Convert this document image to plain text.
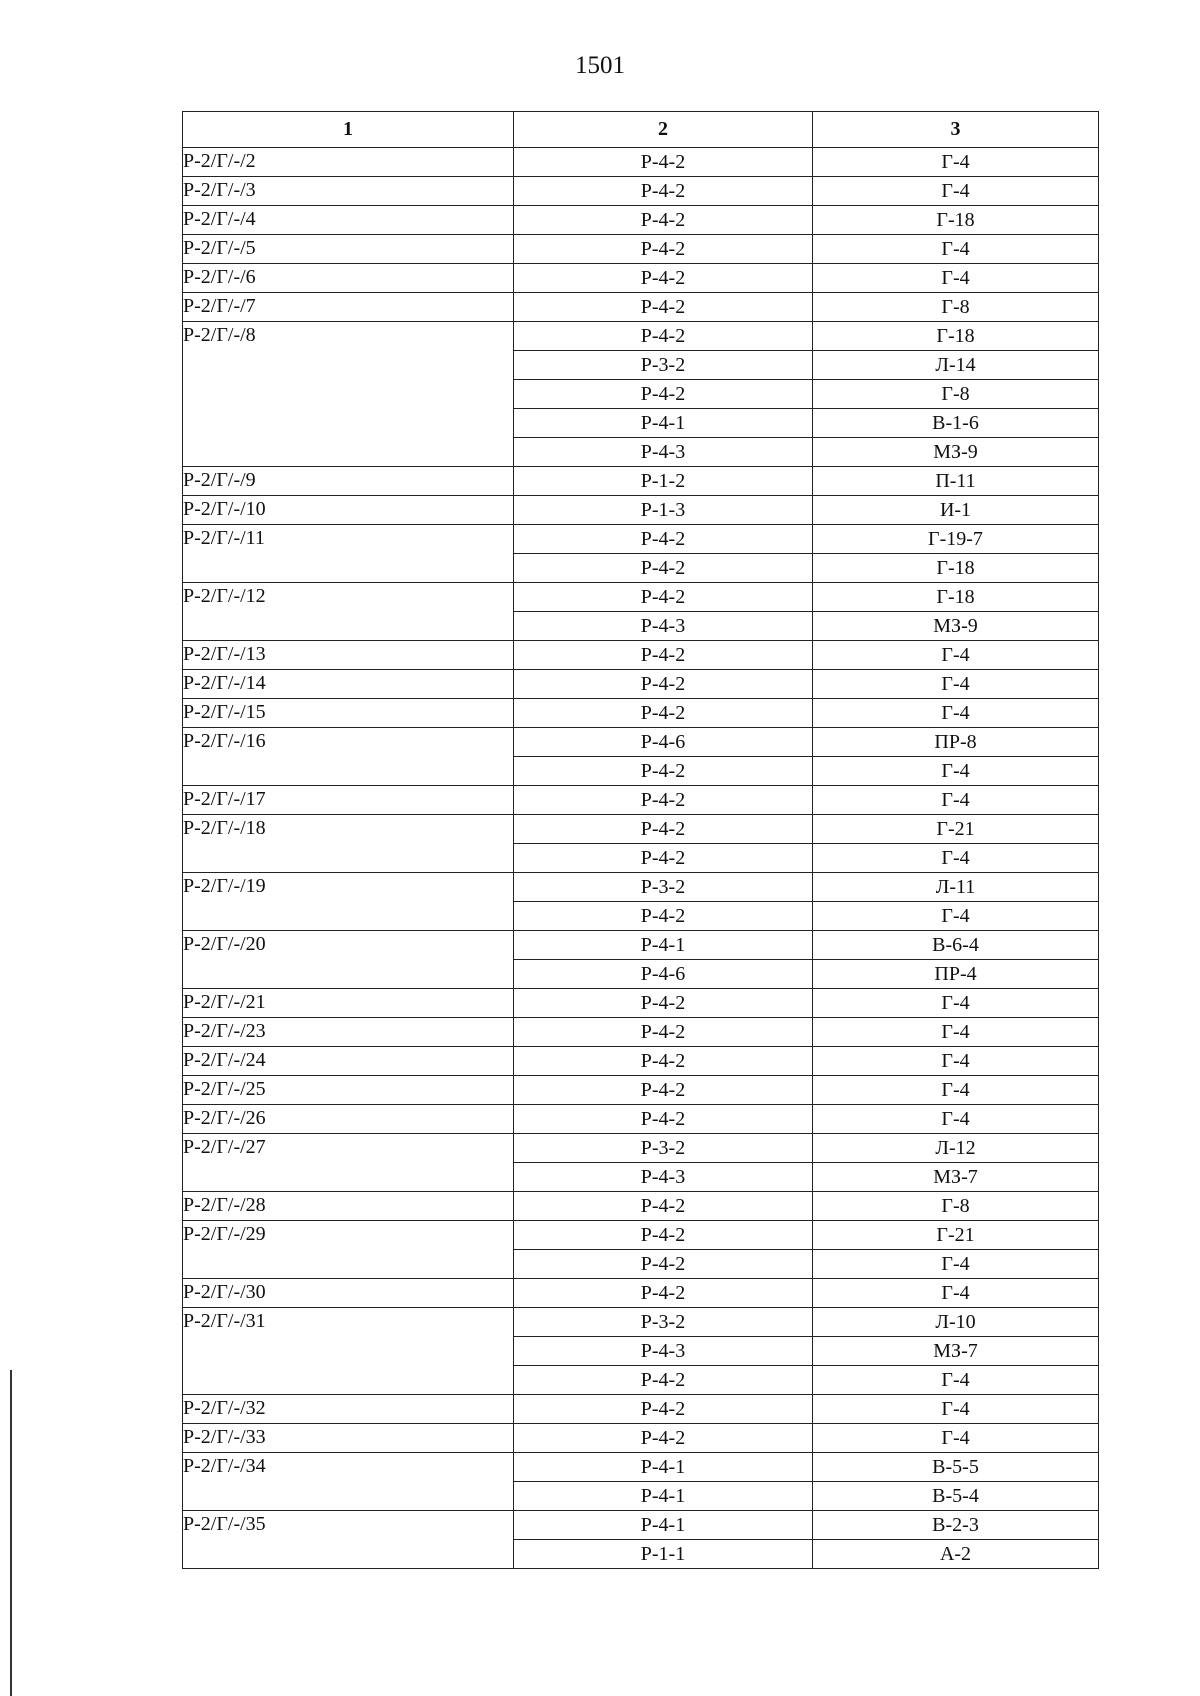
1501
1	2	3
Р-2/Г/-/2	Р-4-2	Г-4
Р-2/Г/-/3	Р-4-2	Г-4
Р-2/Г/-/4	Р-4-2	Г-18
Р-2/Г/-/5	Р-4-2	Г-4
Р-2/Г/-/6	Р-4-2	Г-4
Р-2/Г/-/7	Р-4-2	Г-8
Р-2/Г/-/8	Р-4-2	Г-18
	Р-3-2	Л-14
	Р-4-2	Г-8
	Р-4-1	В-1-6
	Р-4-3	МЗ-9
Р-2/Г/-/9	Р-1-2	П-11
Р-2/Г/-/10	Р-1-3	И-1
Р-2/Г/-/11	Р-4-2	Г-19-7
	Р-4-2	Г-18
Р-2/Г/-/12	Р-4-2	Г-18
	Р-4-3	МЗ-9
Р-2/Г/-/13	Р-4-2	Г-4
Р-2/Г/-/14	Р-4-2	Г-4
Р-2/Г/-/15	Р-4-2	Г-4
Р-2/Г/-/16	Р-4-6	ПР-8
	Р-4-2	Г-4
Р-2/Г/-/17	Р-4-2	Г-4
Р-2/Г/-/18	Р-4-2	Г-21
	Р-4-2	Г-4
Р-2/Г/-/19	Р-3-2	Л-11
	Р-4-2	Г-4
Р-2/Г/-/20	Р-4-1	В-6-4
	Р-4-6	ПР-4
Р-2/Г/-/21	Р-4-2	Г-4
Р-2/Г/-/23	Р-4-2	Г-4
Р-2/Г/-/24	Р-4-2	Г-4
Р-2/Г/-/25	Р-4-2	Г-4
Р-2/Г/-/26	Р-4-2	Г-4
Р-2/Г/-/27	Р-3-2	Л-12
	Р-4-3	МЗ-7
Р-2/Г/-/28	Р-4-2	Г-8
Р-2/Г/-/29	Р-4-2	Г-21
	Р-4-2	Г-4
Р-2/Г/-/30	Р-4-2	Г-4
Р-2/Г/-/31	Р-3-2	Л-10
	Р-4-3	МЗ-7
	Р-4-2	Г-4
Р-2/Г/-/32	Р-4-2	Г-4
Р-2/Г/-/33	Р-4-2	Г-4
Р-2/Г/-/34	Р-4-1	В-5-5
	Р-4-1	В-5-4
Р-2/Г/-/35	Р-4-1	В-2-3
	Р-1-1	А-2
